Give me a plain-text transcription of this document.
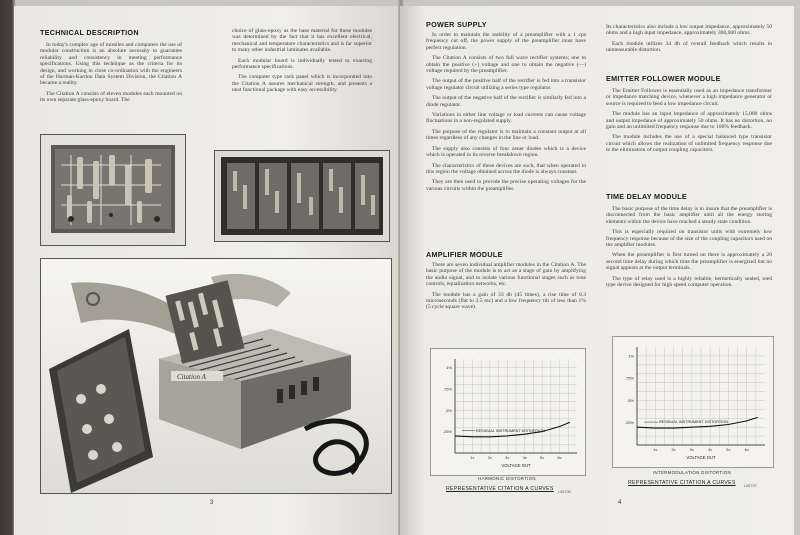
TECHNICAL DESCRIPTION

In today's complex age of missiles and computers the use of modular construction is an absolute necessity to guarantee reliability and consistency in meeting performance specifications. Using this technique as the criteria for its design, and working in close co-ordination with the engineers of the Harman-Kardon Data System Division, the Citation A became a reality.

The Citation A consists of eleven modules each mounted on its own separate glass-epoxy board. The

choice of glass-epoxy as the base material for these modules was determined by the fact that it has excellent electrical, mechanical and temperature characteristics and is far superior to many other industrial laminates available.

Each modular board is individually tested to exacting performance specifications.

The computer type rack panel which is incorporated into the Citation A assures mechanical strength, and presents a neat functional package with easy accessibility.

Citation A
3
POWER SUPPLY

In order to maintain the stability of a preamplifier with a 1 cps frequency cut off, the power supply of the preamplifier must have perfect regulation.

The Citation A consists of two full wave rectifier systems; one to obtain the positive (+) voltage and one to obtain the negative (—) voltage required by the preamplifier.

The output of the positive half of the rectifier is fed into a transistor voltage regulator circuit utilizing a series type regulator.

The output of the negative half of the rectifier is similarly fed into a diode regulator.

Variations in either line voltage or load currents can cause voltage fluctuations in a non-regulated supply.

The purpose of the regulator is to maintain a constant output at all times regardless of any changes in the line or load.

The supply also consists of four zener diodes which is a device which is operated in its reverse breakdown region.

The characteristics of these devices are such, that when operated in this region the voltage obtained across the diode is always constant.

They are then used to provide the precise operating voltages for the various circuits within the preamplifier.

AMPLIFIER MODULE

There are seven individual amplifier modules in the Citation A. The basic purpose of the module is to act as a stage of gain by amplifying the audio signal, and to isolate various functional stages such as tone controls, equalization networks, etc.

The module has a gain of 33 db (45 times), a rise time of 0.3 microseconds (flat to 3.5 mc) and a low frequency tilt of less than 1% (5 cycle square wave).

Its characteristics also include a low output impedance, approximately 50 ohms and a high input impedance, approximately 300,000 ohms.

Each module utilizes 34 db of overall feedback which results in unmeasurable distortion.

EMITTER FOLLOWER MODULE

The Emitter Follower is essentially used as an impedance transformer or impedance matching device, whenever a high impedance generator or source is required to feed a low impedance circuit.

The module has an input impedance of approximately 15,000 ohms and output impedance of approximately 50 ohms. It has no distortion, no gain and an unlimited frequency response due to 100% feedback.

The module includes the use of a special balanced type transistor circuit which allows the realization of unlimited frequency response due to the elimination of output coupling capacitors.

TIME DELAY MODULE

The basic purpose of the time delay is to insure that the preamplifier is disconnected from the basic amplifier until all the energy storing elements within the device have reached a steady state condition.

This is especially required on transistor units with extremely low frequency response because of the size of the coupling capacitors used on the amplifier modules.

When the preamplifier is first turned on there is approximately a 20 second time delay during which time the preamplifier is energized but no signal appears at the output terminals.

The type of relay used is a highly reliable, hermetically sealed, reed type device designed for high speed computer operation.

1%
.75%
.5%
.25%
1v	2v	3v	4v	5v	6v
VOLTAGE OUT
RESIDUAL INSTRUMENT DISTORTION
HARMONIC DISTORTION
REPRESENTATIVE CITATION A CURVES L06706
1%
.75%
.5%
.25%
1v	2v	3v	4v	5v	6v
VOLTAGE OUT
RESIDUAL INSTRUMENT DISTORTION
INTERMODULATION DISTORTION
REPRESENTATIVE CITATION A CURVES L06707
4
